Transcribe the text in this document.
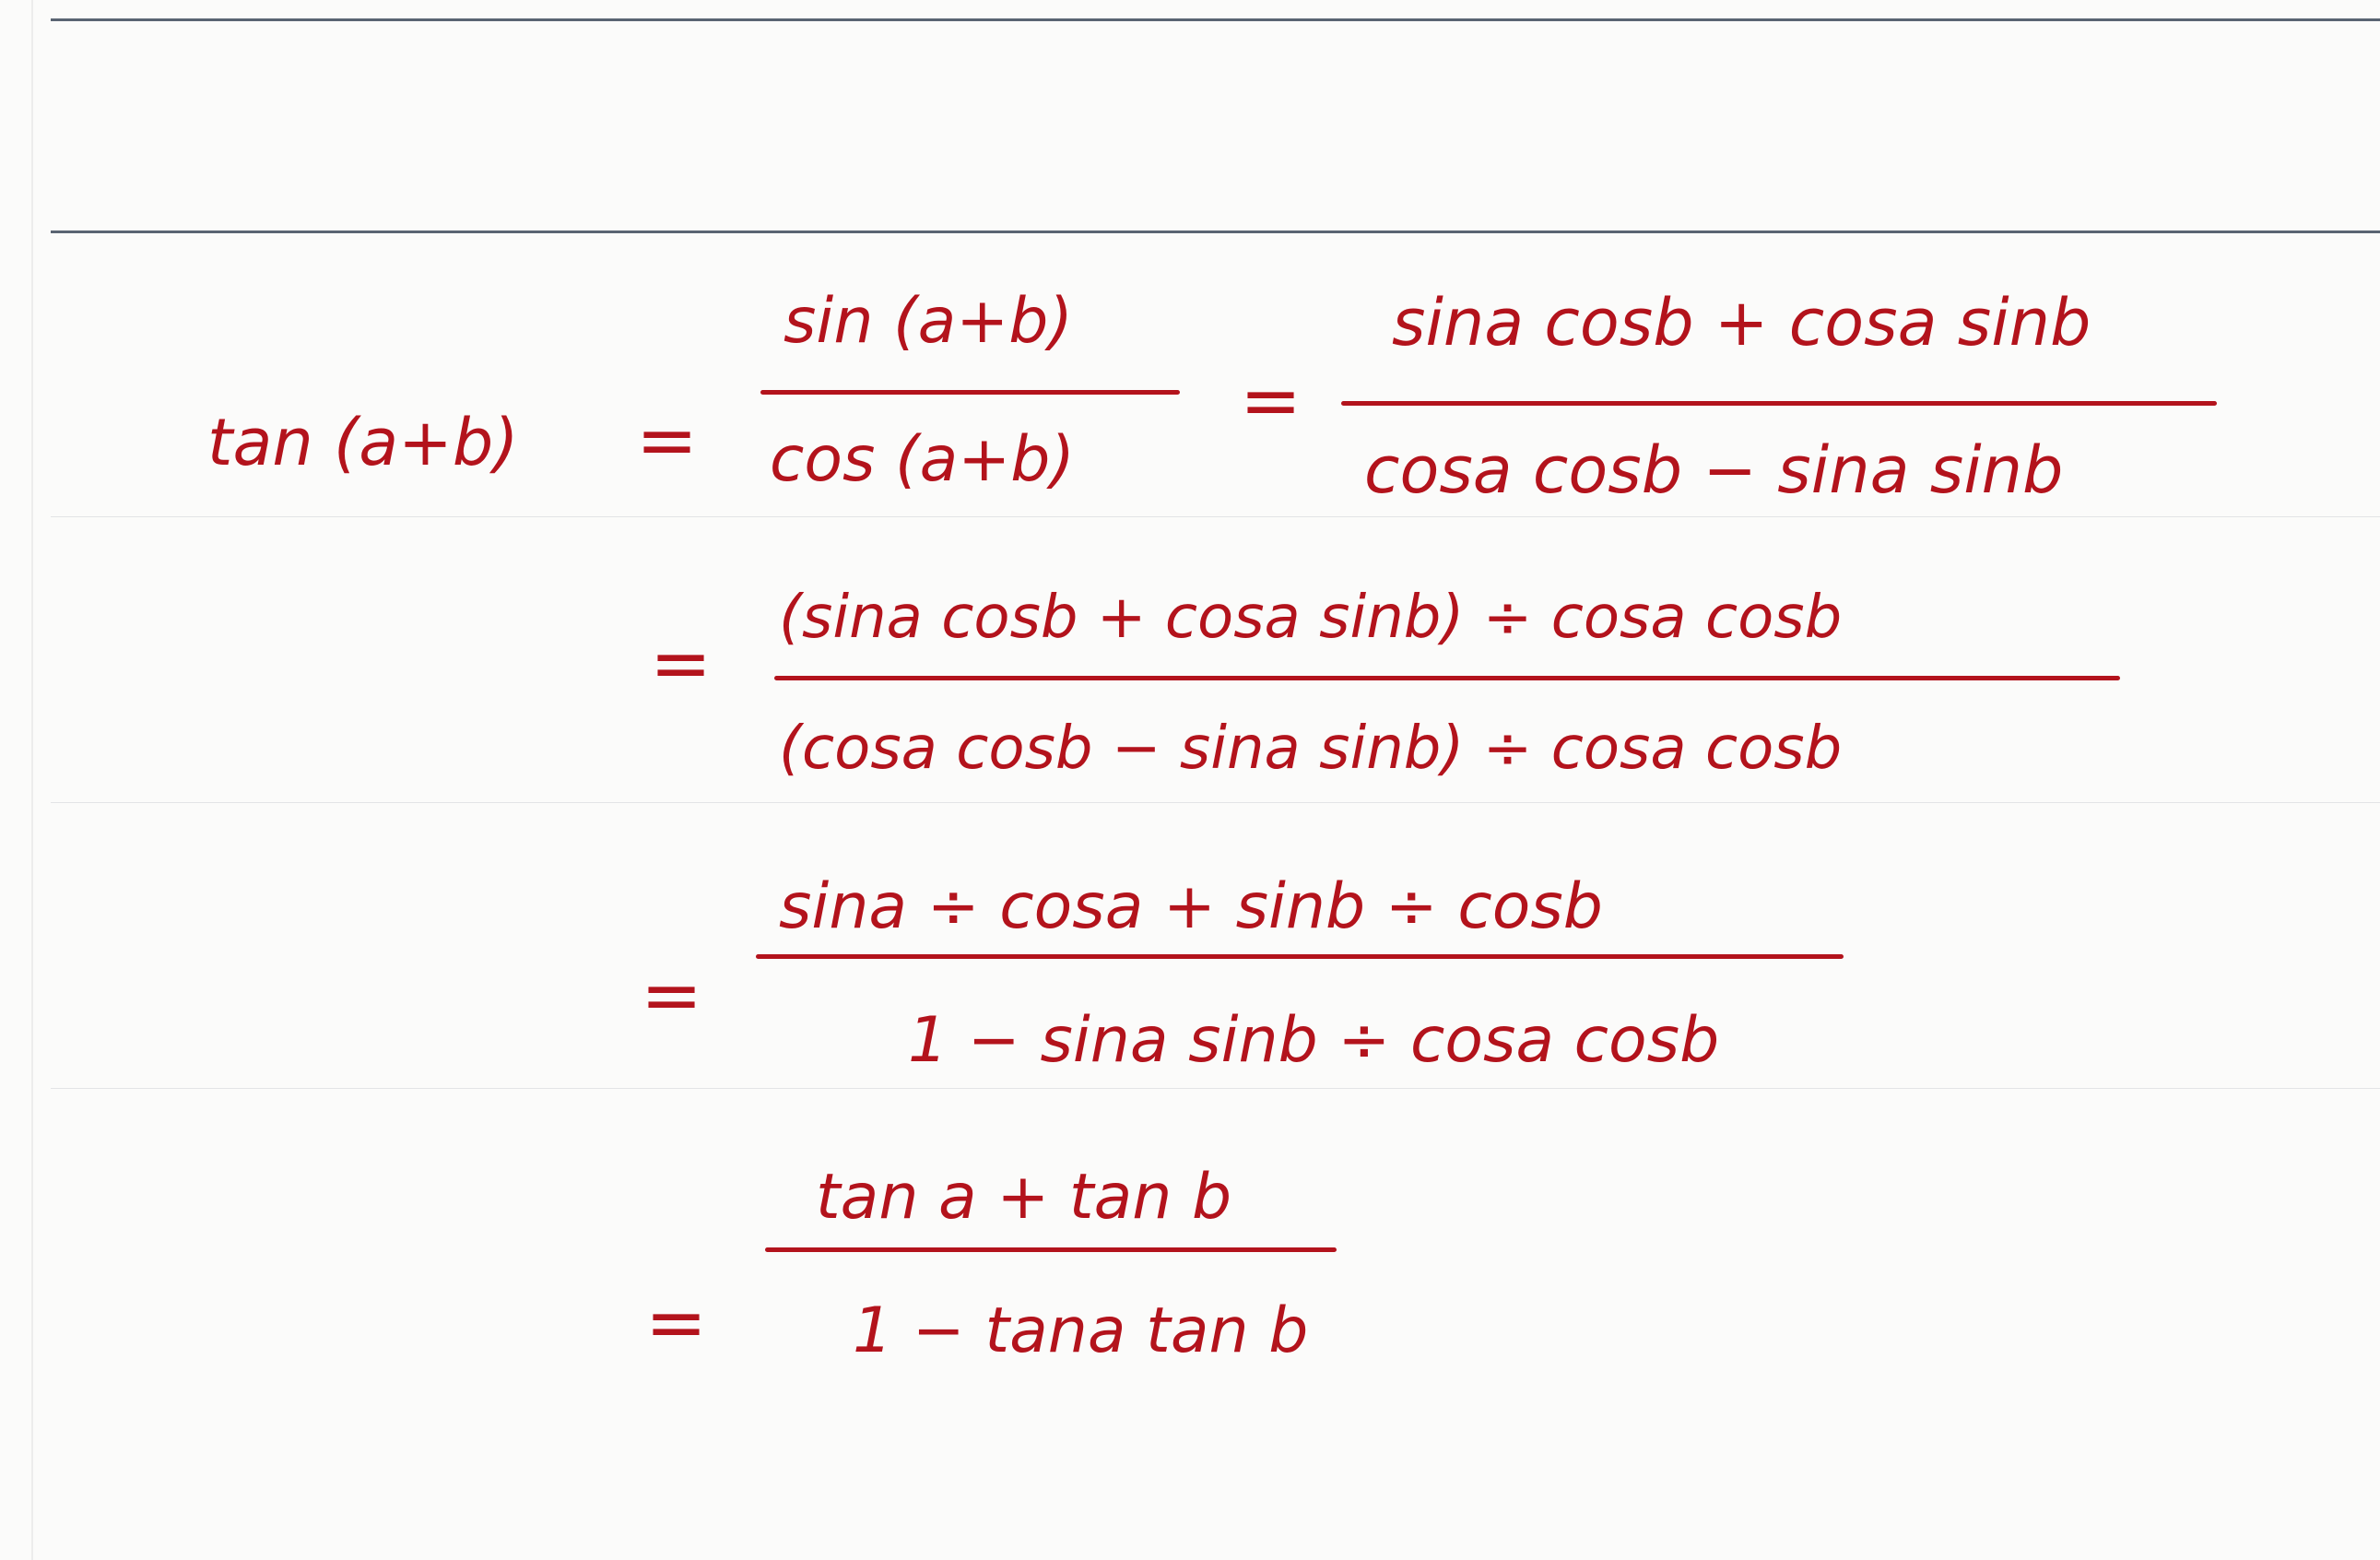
tan (a+b) =
sin (a+b)
cos (a+b)
=
sina cosb + cosa sinb
cosa cosb − sina sinb
=
(sina cosb + cosa sinb) ÷ cosa cosb
(cosa cosb − sina sinb) ÷ cosa cosb
=
sina ÷ cosa + sinb ÷ cosb
1 − sina sinb ÷ cosa cosb
=
tan a + tan b
1 − tana tan b
